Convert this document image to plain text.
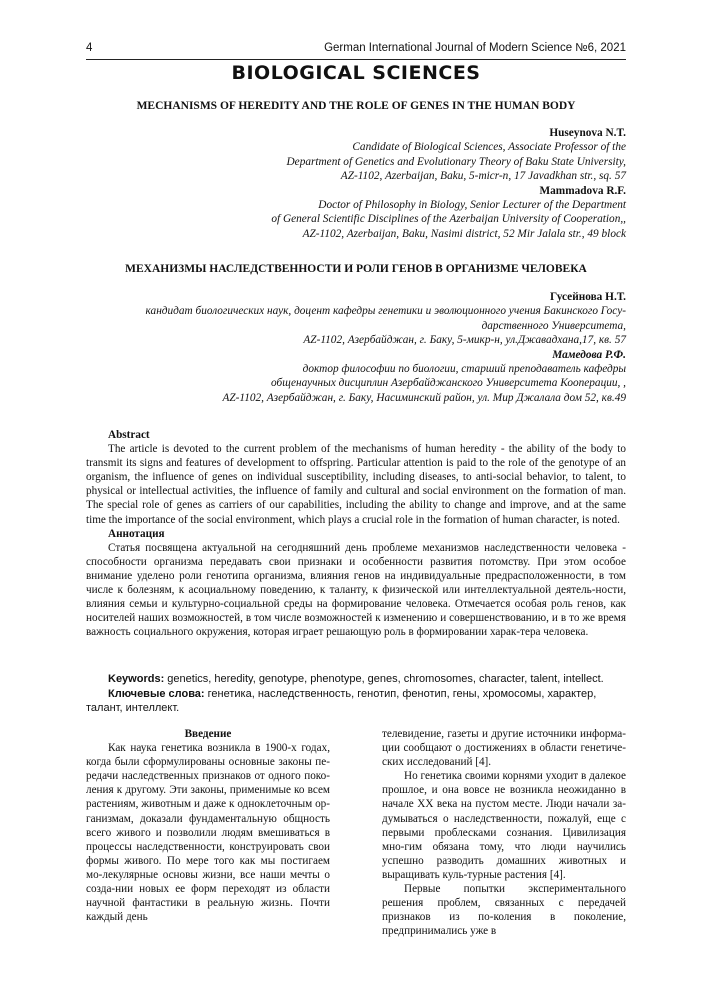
4	German International Journal of Modern Science №6, 2021
BIOLOGICAL SCIENCES
MECHANISMS OF HEREDITY AND THE ROLE OF GENES IN THE HUMAN BODY
Huseynova N.T.
Candidate of Biological Sciences, Associate Professor of the
Department of Genetics and Evolutionary Theory of Baku State University,
AZ-1102, Azerbaijan, Baku, 5-micr-n, 17 Javadkhan str., sq. 57
Mammadova R.F.
Doctor of Philosophy in Biology, Senior Lecturer of the Department
of General Scientific Disciplines of the Azerbaijan University of Cooperation,,
AZ-1102, Azerbaijan, Baku, Nasimi district, 52 Mir Jalala str., 49 block
МЕХАНИЗМЫ НАСЛЕДСТВЕННОСТИ И РОЛИ ГЕНОВ В ОРГАНИЗМЕ ЧЕЛОВЕКА
Гусейнова Н.Т.
кандидат биологических наук, доцент кафедры генетики и эволюционного учения Бакинского Госу-
дарственного Университета,
AZ-1102, Азербайджан, г. Баку, 5-микр-н, ул.Джавадхана,17, кв. 57
Мамедова Р.Ф.
доктор философии по биологии, старший преподаватель кафедры
общенаучных дисциплин Азербайджанского Университета Кооперации, ,
AZ-1102, Азербайджан, г. Баку, Насиминский район, ул. Мир Джалала дом 52, кв.49
Abstract

The article is devoted to the current problem of the mechanisms of human heredity - the ability of the body to transmit its signs and features of development to offspring. Particular attention is paid to the role of the genotype of an organism, the influence of genes on individual susceptibility, including diseases, to anti-social behavior, to talent, to physical or intellectual activities, the influence of family and cultural and social environment on the formation of man. The special role of genes as carriers of our capabilities, including the ability to change and improve, and at the same time the importance of the social environment, which plays a crucial role in the formation of human character, is noted.

Аннотация

Статья посвящена актуальной на сегодняшний день проблеме механизмов наследственности человека - способности организма передавать свои признаки и особенности развития потомству. При этом особое внимание уделено роли генотипа организма, влияния генов на индивидуальные предрасположенности, в том числе к болезням, к асоциальному поведению, к таланту, к физической или интеллектуальной деятель-ности, влияния семьи и культурно-социальной среды на формирование человека. Отмечается особая роль генов, как носителей наших возможностей, в том числе возможностей к изменению и совершенствованию, и в то же время важность социального окружения, которая играет решающую роль в формировании харак-тера человека.

Keywords: genetics, heredity, genotype, phenotype, genes, chromosomes, character, talent, intellect.

Ключевые слова: генетика, наследственность, генотип, фенотип, гены, хромосомы, характер, талант, интеллект.

Введение

Как наука генетика возникла в 1900-х годах, когда были сформулированы основные законы пе-редачи наследственных признаков от одного поко-ления к другому. Эти законы, применимые ко всем растениям, животным и даже к одноклеточным ор-ганизмам, доказали фундаментальную общность всего живого и позволили людям вмешиваться в процессы наследственности, конструировать свои формы живого. По мере того как мы постигаем мо-лекулярные основы жизни, все наши мечты о созда-нии новых ее форм переходят из области научной фантастики в реальную жизнь. Почти каждый день

телевидение, газеты и другие источники информа-ции сообщают о достижениях в области генетиче-ских исследований [4].

Но генетика своими корнями уходит в далекое прошлое, и она вовсе не возникла неожиданно в начале XX века на пустом месте. Люди начали за-думываться о наследственности, пожалуй, еще с первыми проблесками сознания. Цивилизация мно-гим обязана тому, что люди научились успешно разводить домашних животных и выращивать куль-турные растения [4].

Первые попытки экспериментального решения проблем, связанных с передачей признаков из по-коления в поколение, предпринимались уже в
